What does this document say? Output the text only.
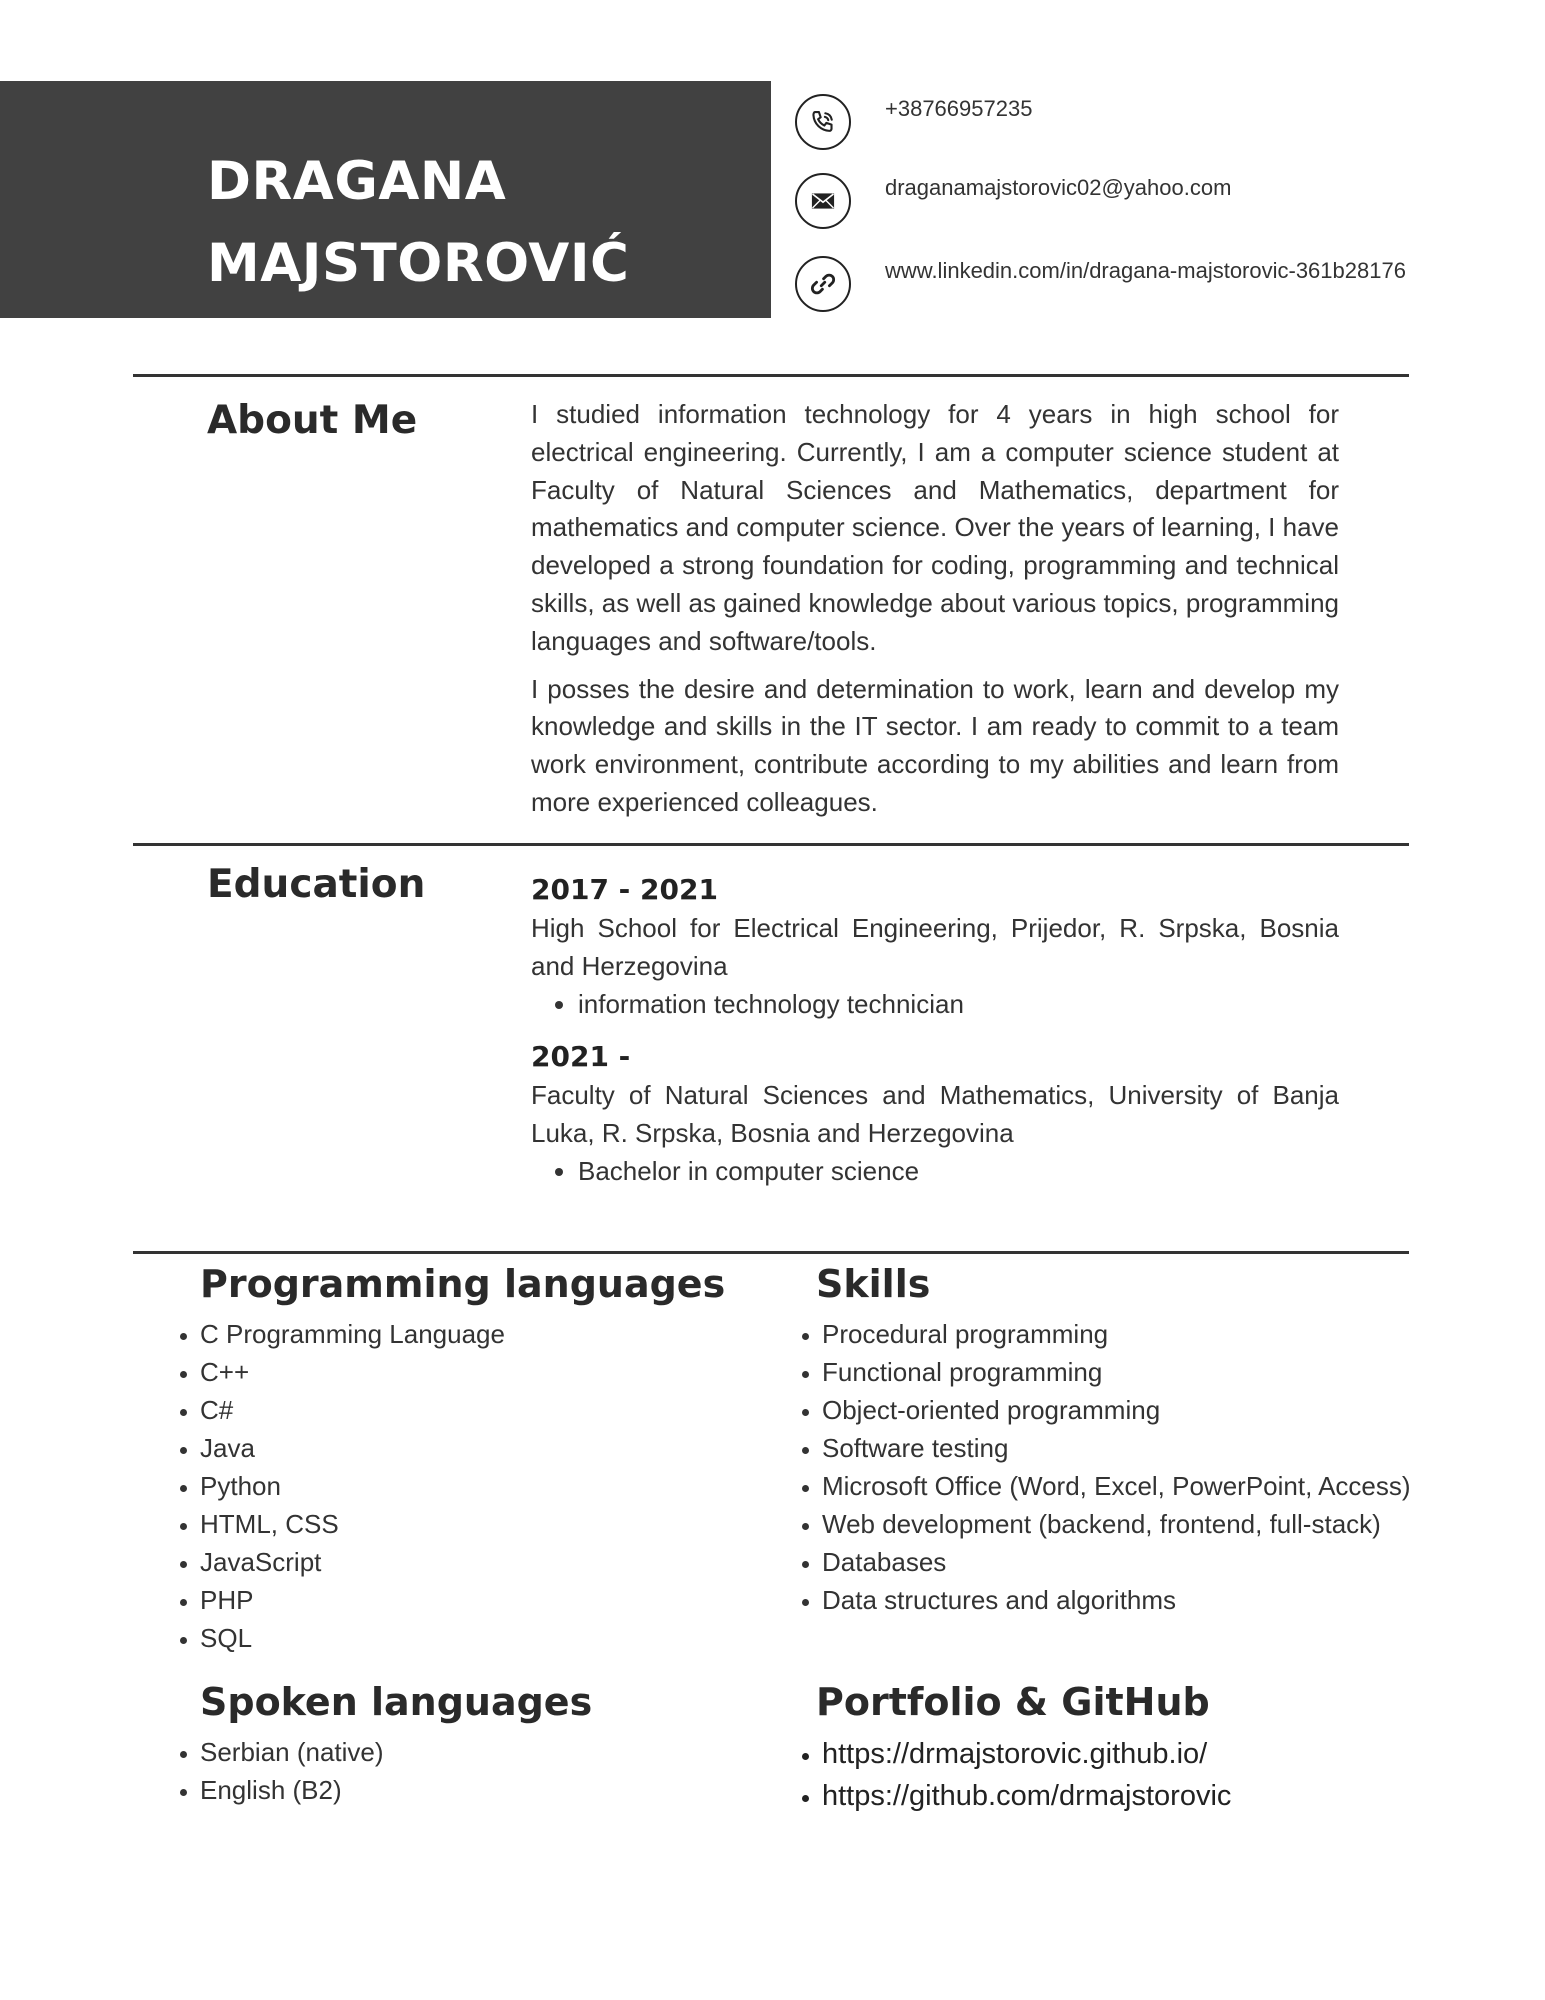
DRAGANA
MAJSTOROVIĆ
+38766957235
draganamajstorovic02@yahoo.com
www.linkedin.com/in/dragana-majstorovic-361b28176
About Me	I studied information technology for 4 years in high school for electrical engineering. Currently, I am a computer science student at Faculty of Natural Sciences and Mathematics, department for mathematics and computer science. Over the years of learning, I have developed a strong foundation for coding, programming and technical skills, as well as gained knowledge about various topics, programming languages and software/tools.

I posses the desire and determination to work, learn and develop my knowledge and skills in the IT sector. I am ready to commit to a team work environment, contribute according to my abilities and learn from more experienced colleagues.

Education	2017 - 2021
High School for Electrical Engineering, Prijedor, R. Srpska, Bosnia and Herzegovina
• information technology technician
2021 -
Faculty of Natural Sciences and Mathematics, University of Banja Luka, R. Srpska, Bosnia and Herzegovina
• Bachelor in computer science
Programming languages
• C Programming Language
• C++
• C#
• Java
• Python
• HTML, CSS
• JavaScript
• PHP
• SQL
Skills
• Procedural programming
• Functional programming
• Object-oriented programming
• Software testing
• Microsoft Office (Word, Excel, PowerPoint, Access)
• Web development (backend, frontend, full-stack)
• Databases
• Data structures and algorithms
Spoken languages
• Serbian (native)
• English (B2)
Portfolio & GitHub
• https://drmajstorovic.github.io/
• https://github.com/drmajstorovic
